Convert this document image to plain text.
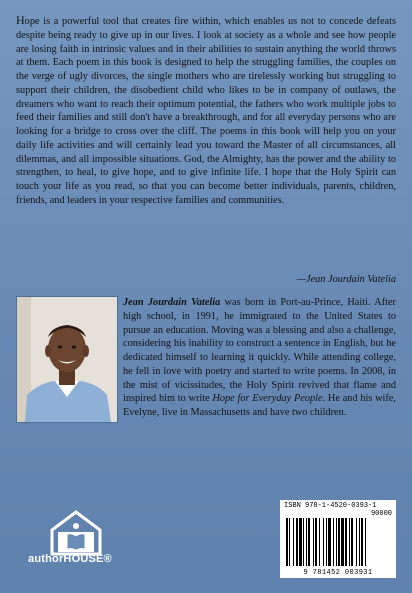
Hope is a powerful tool that creates fire within, which enables us not to concede defeats despite being ready to give up in our lives. I look at society as a whole and see how people are losing faith in intrinsic values and in their abilities to sustain anything the world throws at them. Each poem in this book is designed to help the struggling families, the couples on the verge of ugly divorces, the single mothers who are tirelessly working but struggling to support their children, the disobedient child who likes to be in company of outlaws, the dreamers who want to reach their optimum potential, the fathers who work multiple jobs to feed their families and still don't have a breakthrough, and for all everyday persons who are looking for a bridge to cross over the cliff. The poems in this book will help you on your daily life activities and will certainly lead you toward the Master of all circumstances, all dilemmas, and all impossible situations. God, the Almighty, has the power and the ability to strengthen, to heal, to give hope, and to give infinite life. I hope that the Holy Spirit can touch your life as you read, so that you can become better individuals, parents, children, friends, and leaders in your respective families and communities.

—Jean Jourdain Vatelia

Jean Jourdain Vatelia was born in Port-au-Prince, Haiti. After high school, in 1991, he immigrated to the United States to pursue an education. Moving was a blessing and also a challenge, considering his inability to construct a sentence in English, but he dedicated himself to learning it quickly. While attending college, he fell in love with poetry and started to write poems. In 2008, in the mist of vicissitudes, the Holy Spirit revived that flame and inspired him to write Hope for Everyday People. He and his wife, Evelyne, live in Massachusetts and have two children.

authorHOUSE®
ISBN 978-1-4520-0393-1
90000
9 781452 003931
